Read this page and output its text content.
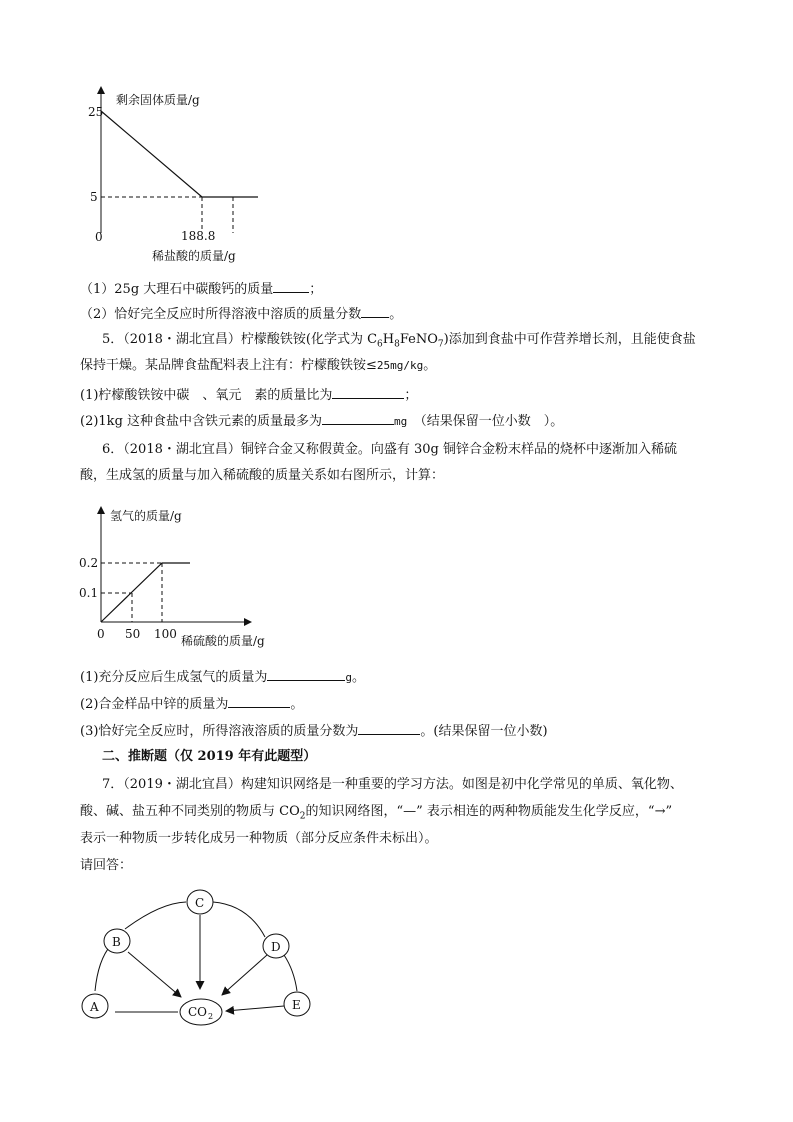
25
5
0	188.8
剩余固体质量/g
稀盐酸的质量/g
（1）25g 大理石中碳酸钙的质量	；
（2）恰好完全反应时所得溶液中溶质的质量分数 。
5．（2018・湖北宜昌）柠檬酸铁铵(化学式为 $C_6H_8FeNO_7$)添加到食盐中可作营养增长剂，且能使食盐
保持干燥。某品牌食盐配料表上注有：柠檬酸铁铵≤25mg/kg。
(1)柠檬酸铁铵中碳　、氧元　素的质量比为	；
(2)1kg 这种食盐中含铁元素的质量最多为	mg　 （结果保留一位小数　）。
6．（2018・湖北宜昌）铜锌合金又称假黄金。向盛有 30g 铜锌合金粉末样品的烧杯中逐渐加入稀硫
酸，生成氢的质量与加入稀硫酸的质量关系如右图所示，计算：
0.2
0.1
0 50 100
氢气的质量/g
稀硫酸的质量/g
(1)充分反应后生成氢气的质量为	g。
(2)合金样品中锌的质量为	。
(3)恰好完全反应时，所得溶液溶质的质量分数为	。(结果保留一位小数)
二、推断题（仅 2019 年有此题型）
7．（2019・湖北宜昌）构建知识网络是一种重要的学习方法。如图是初中化学常见的单质、氧化物、
酸、碱、盐五种不同类别的物质与 $CO_2$的知识网络图，“—” 表示相连的两种物质能发生化学反应，“→”
表示一种物质一步转化成另一种物质（部分反应条件未标出）。
请回答：
A
B
C
D
E
CO 2
